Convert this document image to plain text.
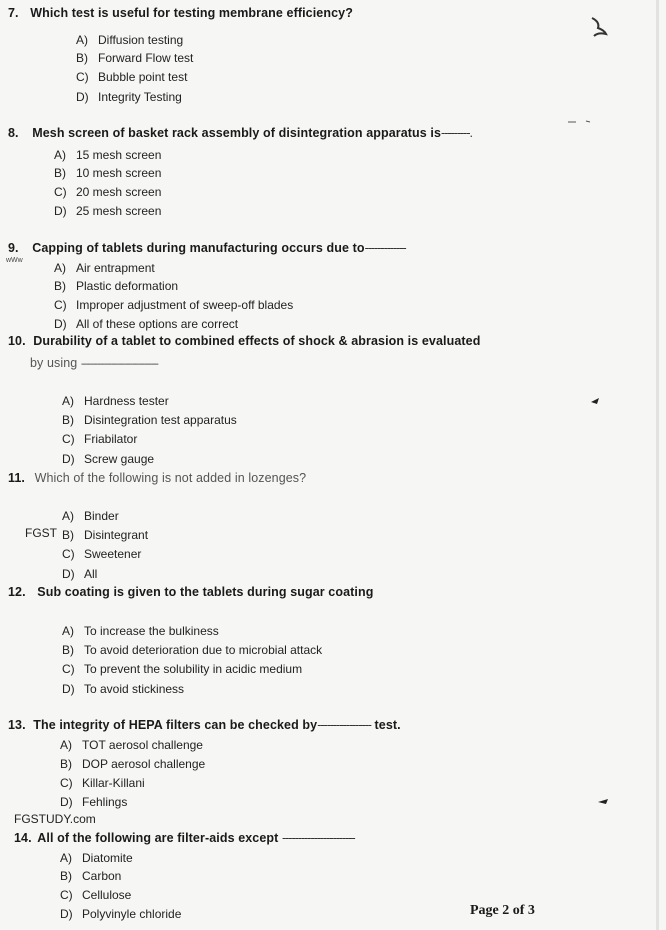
7. Which test is useful for testing membrane efficiency?
A) Diffusion testing
B) Forward Flow test
C) Bubble point test
D) Integrity Testing
8. Mesh screen of basket rack assembly of disintegration apparatus is---------.
A) 15 mesh screen
B) 10 mesh screen
C) 20 mesh screen
D) 25 mesh screen
9. Capping of tablets during manufacturing occurs due to-------------
wWw
A) Air entrapment
B) Plastic deformation
C) Improper adjustment of sweep-off blades
D) All of these options are correct
10. Durability of a tablet to combined effects of shock & abrasion is evaluated
by using ---------------------------------
A) Hardness tester
B) Disintegration test apparatus
C) Friabilator
D) Screw gauge
11. Which of the following is not added in lozenges?
A) Binder
FGST B) Disintegrant
C) Sweetener
D) All
12. Sub coating is given to the tablets during sugar coating
A) To increase the bulkiness
B) To avoid deterioration due to microbial attack
C) To prevent the solubility in acidic medium
D) To avoid stickiness
13. The integrity of HEPA filters can be checked by----------------- test.
A) TOT aerosol challenge
B) DOP aerosol challenge
C) Killar-Killani
D) Fehlings
FGSTUDY.com
14. All of the following are filter-aids except -----------------------
A) Diatomite
B) Carbon
C) Cellulose
D) Polyvinyle chloride	Page 2 of 3
